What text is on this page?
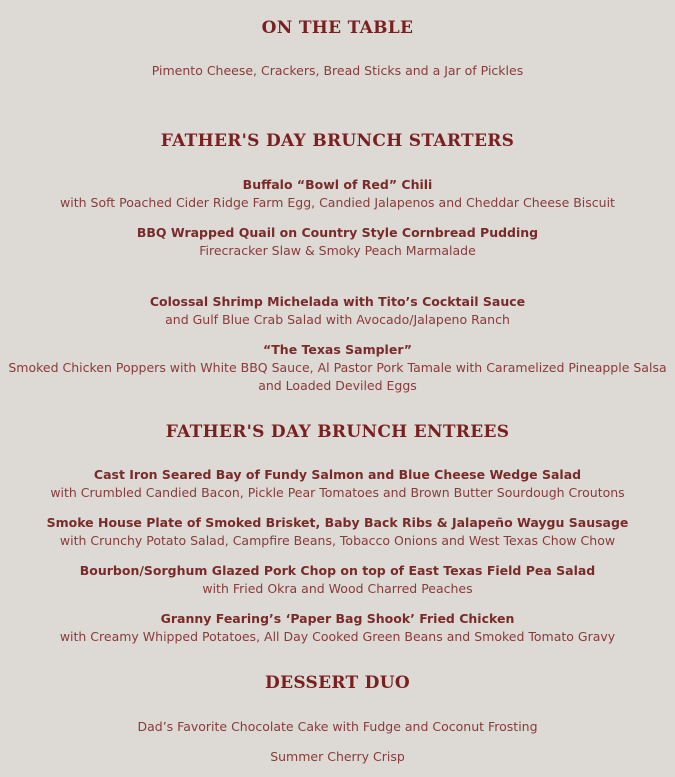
ON THE TABLE
Pimento Cheese, Crackers, Bread Sticks and a Jar of Pickles
FATHER'S DAY BRUNCH STARTERS
Buffalo “Bowl of Red” Chili
with Soft Poached Cider Ridge Farm Egg, Candied Jalapenos and Cheddar Cheese Biscuit
BBQ Wrapped Quail on Country Style Cornbread Pudding
Firecracker Slaw & Smoky Peach Marmalade
Colossal Shrimp Michelada with Tito’s Cocktail Sauce
and Gulf Blue Crab Salad with Avocado/Jalapeno Ranch
“The Texas Sampler”
Smoked Chicken Poppers with White BBQ Sauce, Al Pastor Pork Tamale with Caramelized Pineapple Salsa and Loaded Deviled Eggs
FATHER'S DAY BRUNCH ENTREES
Cast Iron Seared Bay of Fundy Salmon and Blue Cheese Wedge Salad
with Crumbled Candied Bacon, Pickle Pear Tomatoes and Brown Butter Sourdough Croutons
Smoke House Plate of Smoked Brisket, Baby Back Ribs & Jalapeño Waygu Sausage
with Crunchy Potato Salad, Campfire Beans, Tobacco Onions and West Texas Chow Chow
Bourbon/Sorghum Glazed Pork Chop on top of East Texas Field Pea Salad
with Fried Okra and Wood Charred Peaches
Granny Fearing’s ‘Paper Bag Shook’ Fried Chicken
with Creamy Whipped Potatoes, All Day Cooked Green Beans and Smoked Tomato Gravy
DESSERT DUO
Dad’s Favorite Chocolate Cake with Fudge and Coconut Frosting
Summer Cherry Crisp
